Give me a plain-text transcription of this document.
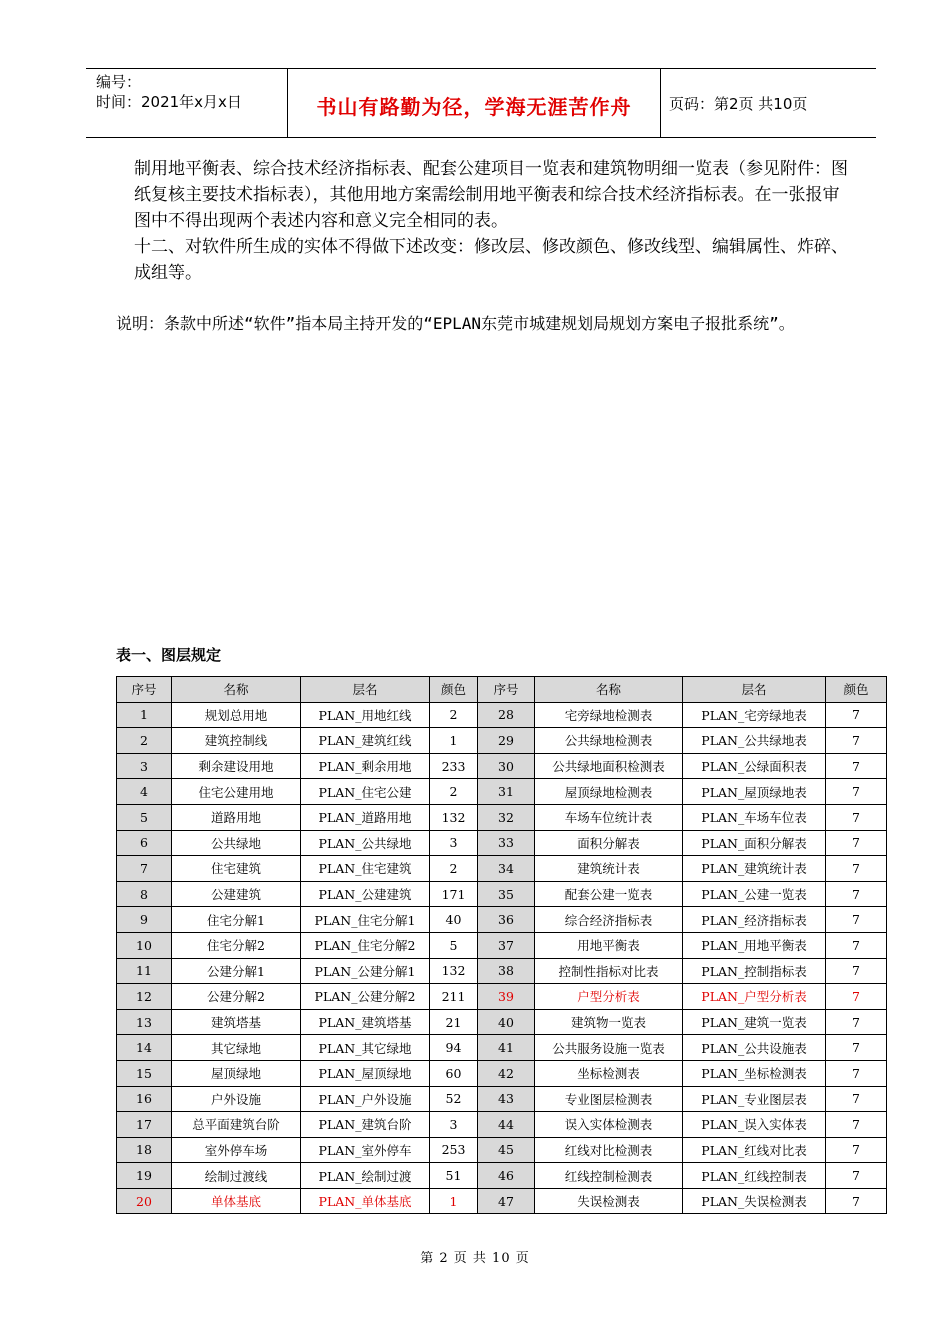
编号：
时间：2021年x月x日	书山有路勤为径，学海无涯苦作舟	页码：第2页 共10页
制用地平衡表、综合技术经济指标表、配套公建项目一览表和建筑物明细一览表（参见附件：图纸复核主要技术指标表），其他用地方案需绘制用地平衡表和综合技术经济指标表。在一张报审图中不得出现两个表述内容和意义完全相同的表。
十二、对软件所生成的实体不得做下述改变：修改层、修改颜色、修改线型、编辑属性、炸碎、成组等。
说明：条款中所述“软件”指本局主持开发的“EPLAN东莞市城建规划局规划方案电子报批系统”。
表一、图层规定
序号	名称	层名	颜色	序号	名称	层名	颜色
1	规划总用地	PLAN_用地红线	2	28	宅旁绿地检测表	PLAN_宅旁绿地表	7
2	建筑控制线	PLAN_建筑红线	1	29	公共绿地检测表	PLAN_公共绿地表	7
3	剩余建设用地	PLAN_剩余用地	233	30	公共绿地面积检测表	PLAN_公绿面积表	7
4	住宅公建用地	PLAN_住宅公建	2	31	屋顶绿地检测表	PLAN_屋顶绿地表	7
5	道路用地	PLAN_道路用地	132	32	车场车位统计表	PLAN_车场车位表	7
6	公共绿地	PLAN_公共绿地	3	33	面积分解表	PLAN_面积分解表	7
7	住宅建筑	PLAN_住宅建筑	2	34	建筑统计表	PLAN_建筑统计表	7
8	公建建筑	PLAN_公建建筑	171	35	配套公建一览表	PLAN_公建一览表	7
9	住宅分解1	PLAN_住宅分解1	40	36	综合经济指标表	PLAN_经济指标表	7
10	住宅分解2	PLAN_住宅分解2	5	37	用地平衡表	PLAN_用地平衡表	7
11	公建分解1	PLAN_公建分解1	132	38	控制性指标对比表	PLAN_控制指标表	7
12	公建分解2	PLAN_公建分解2	211	39	户型分析表	PLAN_户型分析表	7
13	建筑塔基	PLAN_建筑塔基	21	40	建筑物一览表	PLAN_建筑一览表	7
14	其它绿地	PLAN_其它绿地	94	41	公共服务设施一览表	PLAN_公共设施表	7
15	屋顶绿地	PLAN_屋顶绿地	60	42	坐标检测表	PLAN_坐标检测表	7
16	户外设施	PLAN_户外设施	52	43	专业图层检测表	PLAN_专业图层表	7
17	总平面建筑台阶	PLAN_建筑台阶	3	44	误入实体检测表	PLAN_误入实体表	7
18	室外停车场	PLAN_室外停车	253	45	红线对比检测表	PLAN_红线对比表	7
19	绘制过渡线	PLAN_绘制过渡	51	46	红线控制检测表	PLAN_红线控制表	7
20	单体基底	PLAN_单体基底	1	47	失误检测表	PLAN_失误检测表	7
第 2 页 共 10 页
